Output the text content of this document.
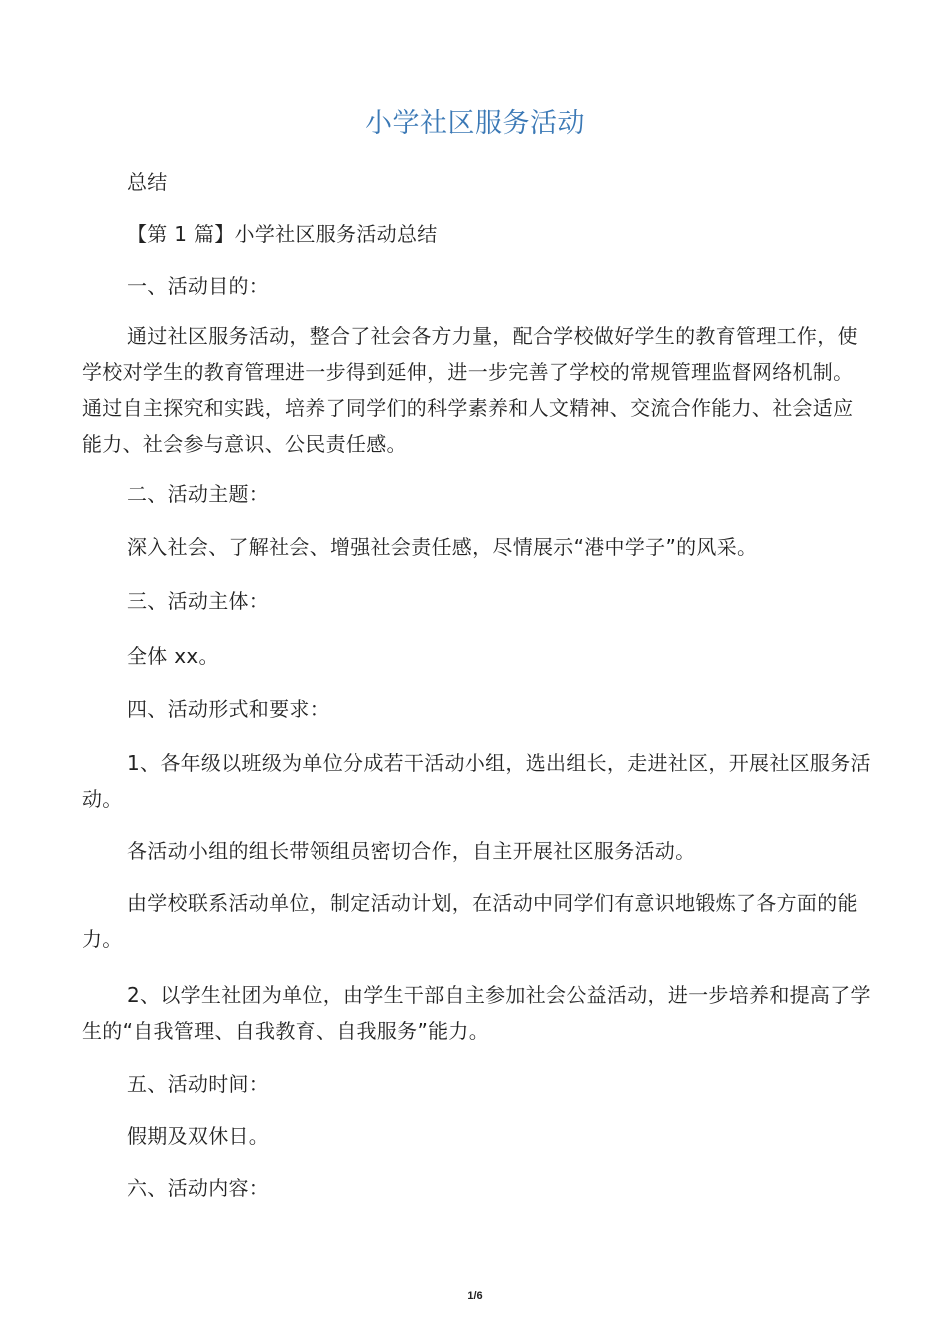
小学社区服务活动

总结

【第 1 篇】小学社区服务活动总结

一、活动目的：

通过社区服务活动，整合了社会各方力量，配合学校做好学生的教育管理工作，使学校对学生的教育管理进一步得到延伸，进一步完善了学校的常规管理监督网络机制。通过自主探究和实践，培养了同学们的科学素养和人文精神、交流合作能力、社会适应能力、社会参与意识、公民责任感。

二、活动主题：

深入社会、了解社会、增强社会责任感，尽情展示“港中学子”的风采。

三、活动主体：

全体 xx。

四、活动形式和要求：

1、各年级以班级为单位分成若干活动小组，选出组长，走进社区，开展社区服务活动。

各活动小组的组长带领组员密切合作，自主开展社区服务活动。

由学校联系活动单位，制定活动计划，在活动中同学们有意识地锻炼了各方面的能力。

2、以学生社团为单位，由学生干部自主参加社会公益活动，进一步培养和提高了学生的“自我管理、自我教育、自我服务”能力。

五、活动时间：

假期及双休日。

六、活动内容：

1/6
